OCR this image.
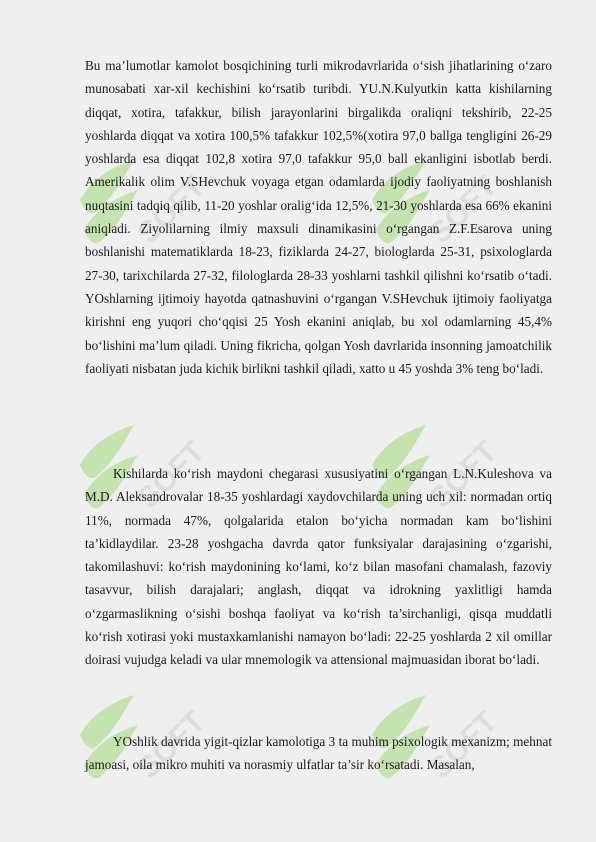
SOFT	SOFT
SOFT	SOFT
SOFT	SOFT

Bu ma’lumotlar kamolot bosqichining turli mikrodavrlarida o‘sish jihatlarining o‘zaro munosabati xar-xil kechishini ko‘rsatib turibdi. YU.N.Kulyutkin katta kishilarning diqqat, xotira, tafakkur, bilish jarayonlarini birgalikda oraliqni tekshirib, 22-25 yoshlarda diqqat va xotira 100,5% tafakkur 102,5%(xotira 97,0 ballga tengligini 26-29 yoshlarda esa diqqat 102,8 xotira 97,0 tafakkur 95,0 ball ekanligini isbotlab berdi. Amerikalik olim V.SHevchuk voyaga etgan odamlarda ijodiy faoliyatning boshlanish nuqtasini tadqiq qilib, 11-20 yoshlar oralig‘ida 12,5%, 21-30 yoshlarda esa 66% ekanini aniqladi. Ziyolilarning ilmiy maxsuli dinamikasini o‘rgangan Z.F.Esarova uning boshlanishi matematiklarda 18-23, fiziklarda 24-27, biologlarda 25-31, psixologlarda 27-30, tarixchilarda 27-32, filologlarda 28-33 yoshlarni tashkil qilishni ko‘rsatib o‘tadi. YOshlarning ijtimoiy hayotda qatnashuvini o‘rgangan V.SHevchuk ijtimoiy faoliyatga kirishni eng yuqori cho‘qqisi 25 Yosh ekanini aniqlab, bu xol odamlarning 45,4% bo‘lishini ma’lum qiladi. Uning fikricha, qolgan Yosh davrlarida insonning jamoatchilik faoliyati nisbatan juda kichik birlikni tashkil qiladi, xatto u 45 yoshda 3% teng bo‘ladi.

Kishilarda ko‘rish maydoni chegarasi xususiyatini o‘rgangan L.N.Kuleshova va M.D. Aleksandrovalar 18-35 yoshlardagi xaydovchilarda uning uch xil: normadan ortiq 11%, normada 47%, qolgalarida etalon bo‘yicha normadan kam bo‘lishini ta’kidlaydilar. 23-28 yoshgacha davrda qator funksiyalar darajasining o‘zgarishi, takomilashuvi: ko‘rish maydonining ko‘lami, ko‘z bilan masofani chamalash, fazoviy tasavvur, bilish darajalari; anglash, diqqat va idrokning yaxlitligi hamda o‘zgarmaslikning o‘sishi boshqa faoliyat va ko‘rish ta’sirchanligi, qisqa muddatli ko‘rish xotirasi yoki mustaxkamlanishi namayon bo‘ladi: 22-25 yoshlarda 2 xil omillar doirasi vujudga keladi va ular mnemologik va attensional majmuasidan iborat bo‘ladi.

YOshlik davrida yigit-qizlar kamolotiga 3 ta muhim psixologik mexanizm; mehnat jamoasi, oila mikro muhiti va norasmiy ulfatlar ta’sir ko‘rsatadi. Masalan,
